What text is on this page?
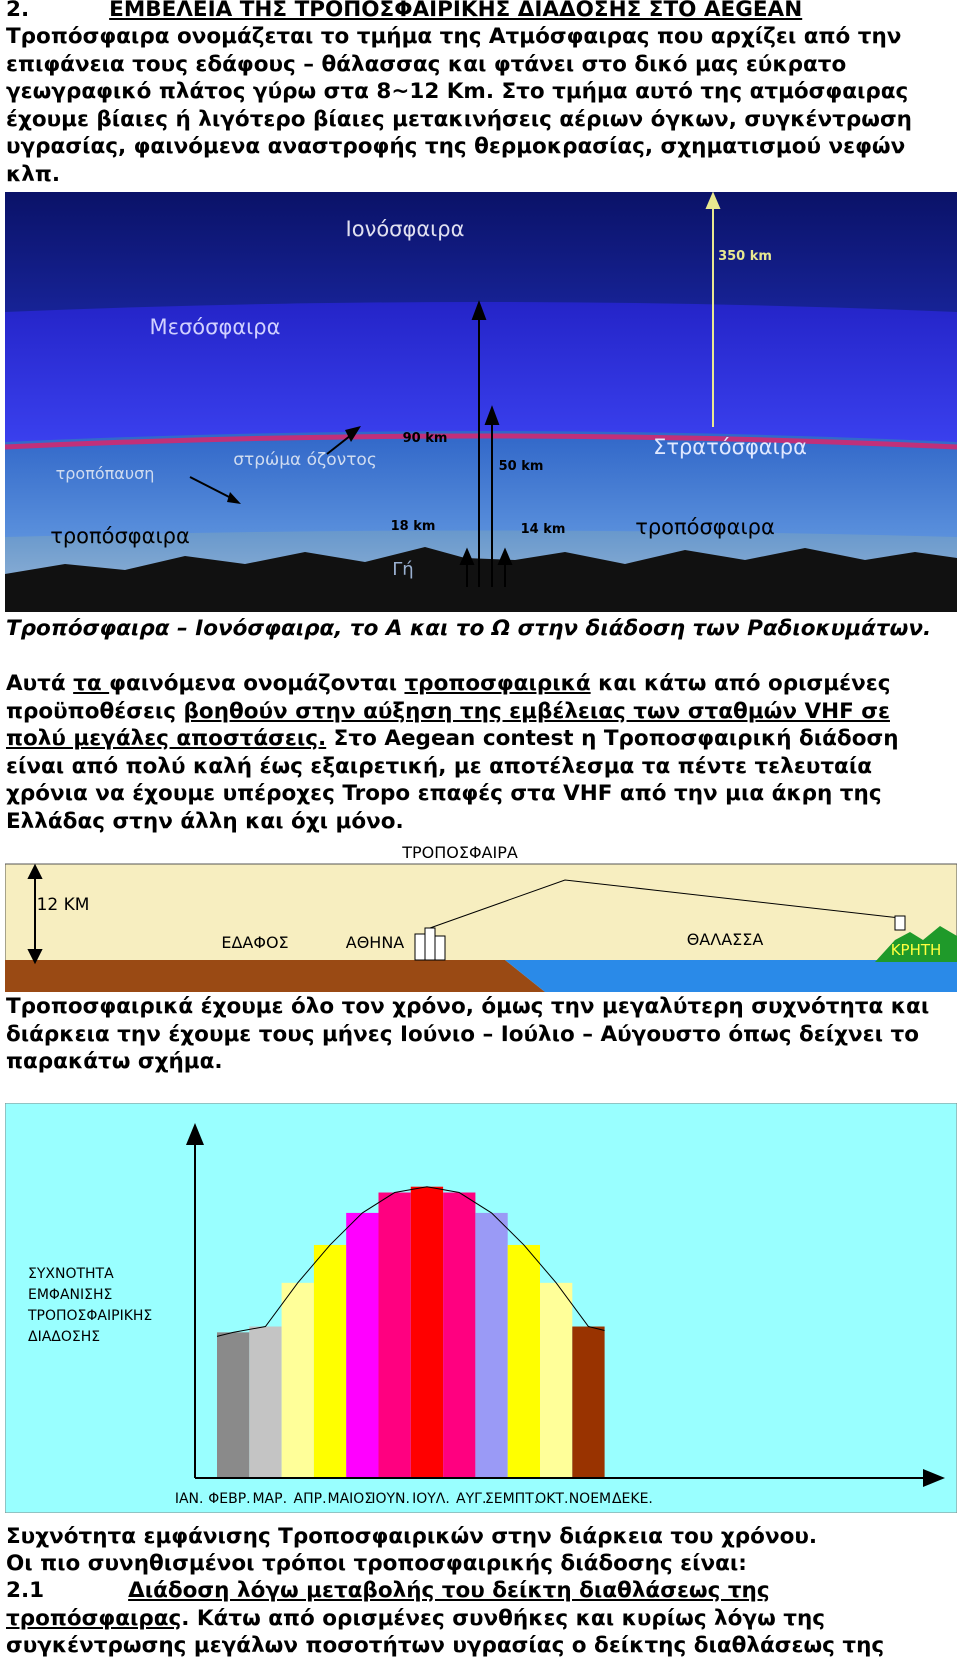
2.	ΕΜΒΕΛΕΙΑ ΤΗΣ ΤΡΟΠΟΣΦΑΙΡΙΚΗΣ ΔΙΑΔΟΣΗΣ ΣΤΟ AEGEAN

Τροπόσφαιρα ονομάζεται το τμήμα της Ατμόσφαιρας που αρχίζει από την επιφάνεια τους εδάφους – θάλασσας και φτάνει στο δικό μας εύκρατο γεωγραφικό πλάτος γύρω στα 8~12 Km. Στο τμήμα αυτό της ατμόσφαιρας έχουμε βίαιες ή λιγότερο βίαιες μετακινήσεις αέριων όγκων, συγκέντρωση υγρασίας, φαινόμενα αναστροφής της θερμοκρασίας, σχηματισμού νεφών κλπ.

Ιονόσφαιρα
Μεσόσφαιρα
Στρατόσφαιρα
στρώμα όζοντος
τροπόπαυση
τροπόσφαιρα	τροπόσφαιρα
Γή
350 km
90 km
50 km
18 km	14 km

Τροπόσφαιρα – Ιονόσφαιρα, το Α και το Ω στην διάδοση των Ραδιοκυμάτων.

Αυτά τα φαινόμενα ονομάζονται τροποσφαιρικά και κάτω από ορισμένες προϋποθέσεις βοηθούν στην αύξηση της εμβέλειας των σταθμών VHF σε πολύ μεγάλες αποστάσεις. Στο Aegean contest η Τροποσφαιρική διάδοση είναι από πολύ καλή έως εξαιρετική, με αποτέλεσμα τα πέντε τελευταία χρόνια να έχουμε υπέροχες Tropo επαφές στα VHF από την μια άκρη της Ελλάδας στην άλλη και όχι μόνο.

ΤΡΟΠΟΣΦΑΙΡΑ
12 KM
ΕΔΑΦΟΣ	ΑΘΗΝΑ	ΘΑΛΑΣΣΑ
ΚΡΗΤΗ

Τροποσφαιρικά έχουμε όλο τον χρόνο, όμως την μεγαλύτερη συχνότητα και διάρκεια την έχουμε τους μήνες Ιούνιο – Ιούλιο – Αύγουστο όπως δείχνει το παρακάτω σχήμα.

ΣΥΧΝΟΤΗΤΑ
ΕΜΦΑΝΙΣΗΣ
ΤΡΟΠΟΣΦΑΙΡΙΚΗΣ
ΔΙΑΔΟΣΗΣ
ΙΑΝ. ΦΕΒΡ. ΜΑΡ. ΑΠΡ. ΜΑΙΟΣ
ΙΟΥΝ. ΙΟΥΛ. ΑΥΓ.
ΣΕΜΠΤ.
ΟΚΤ. ΝΟΕΜ.
ΔΕΚΕ.

Συχνότητα εμφάνισης Τροποσφαιρικών στην διάρκεια του χρόνου.

Οι πιο συνηθισμένοι τρόποι τροποσφαιρικής διάδοσης είναι:

2.1	Διάδοση λόγω μεταβολής του δείκτη διαθλάσεως της τροπόσφαιρας. Κάτω από ορισμένες συνθήκες και κυρίως λόγω της συγκέντρωσης μεγάλων ποσοτήτων υγρασίας ο δείκτης διαθλάσεως της
